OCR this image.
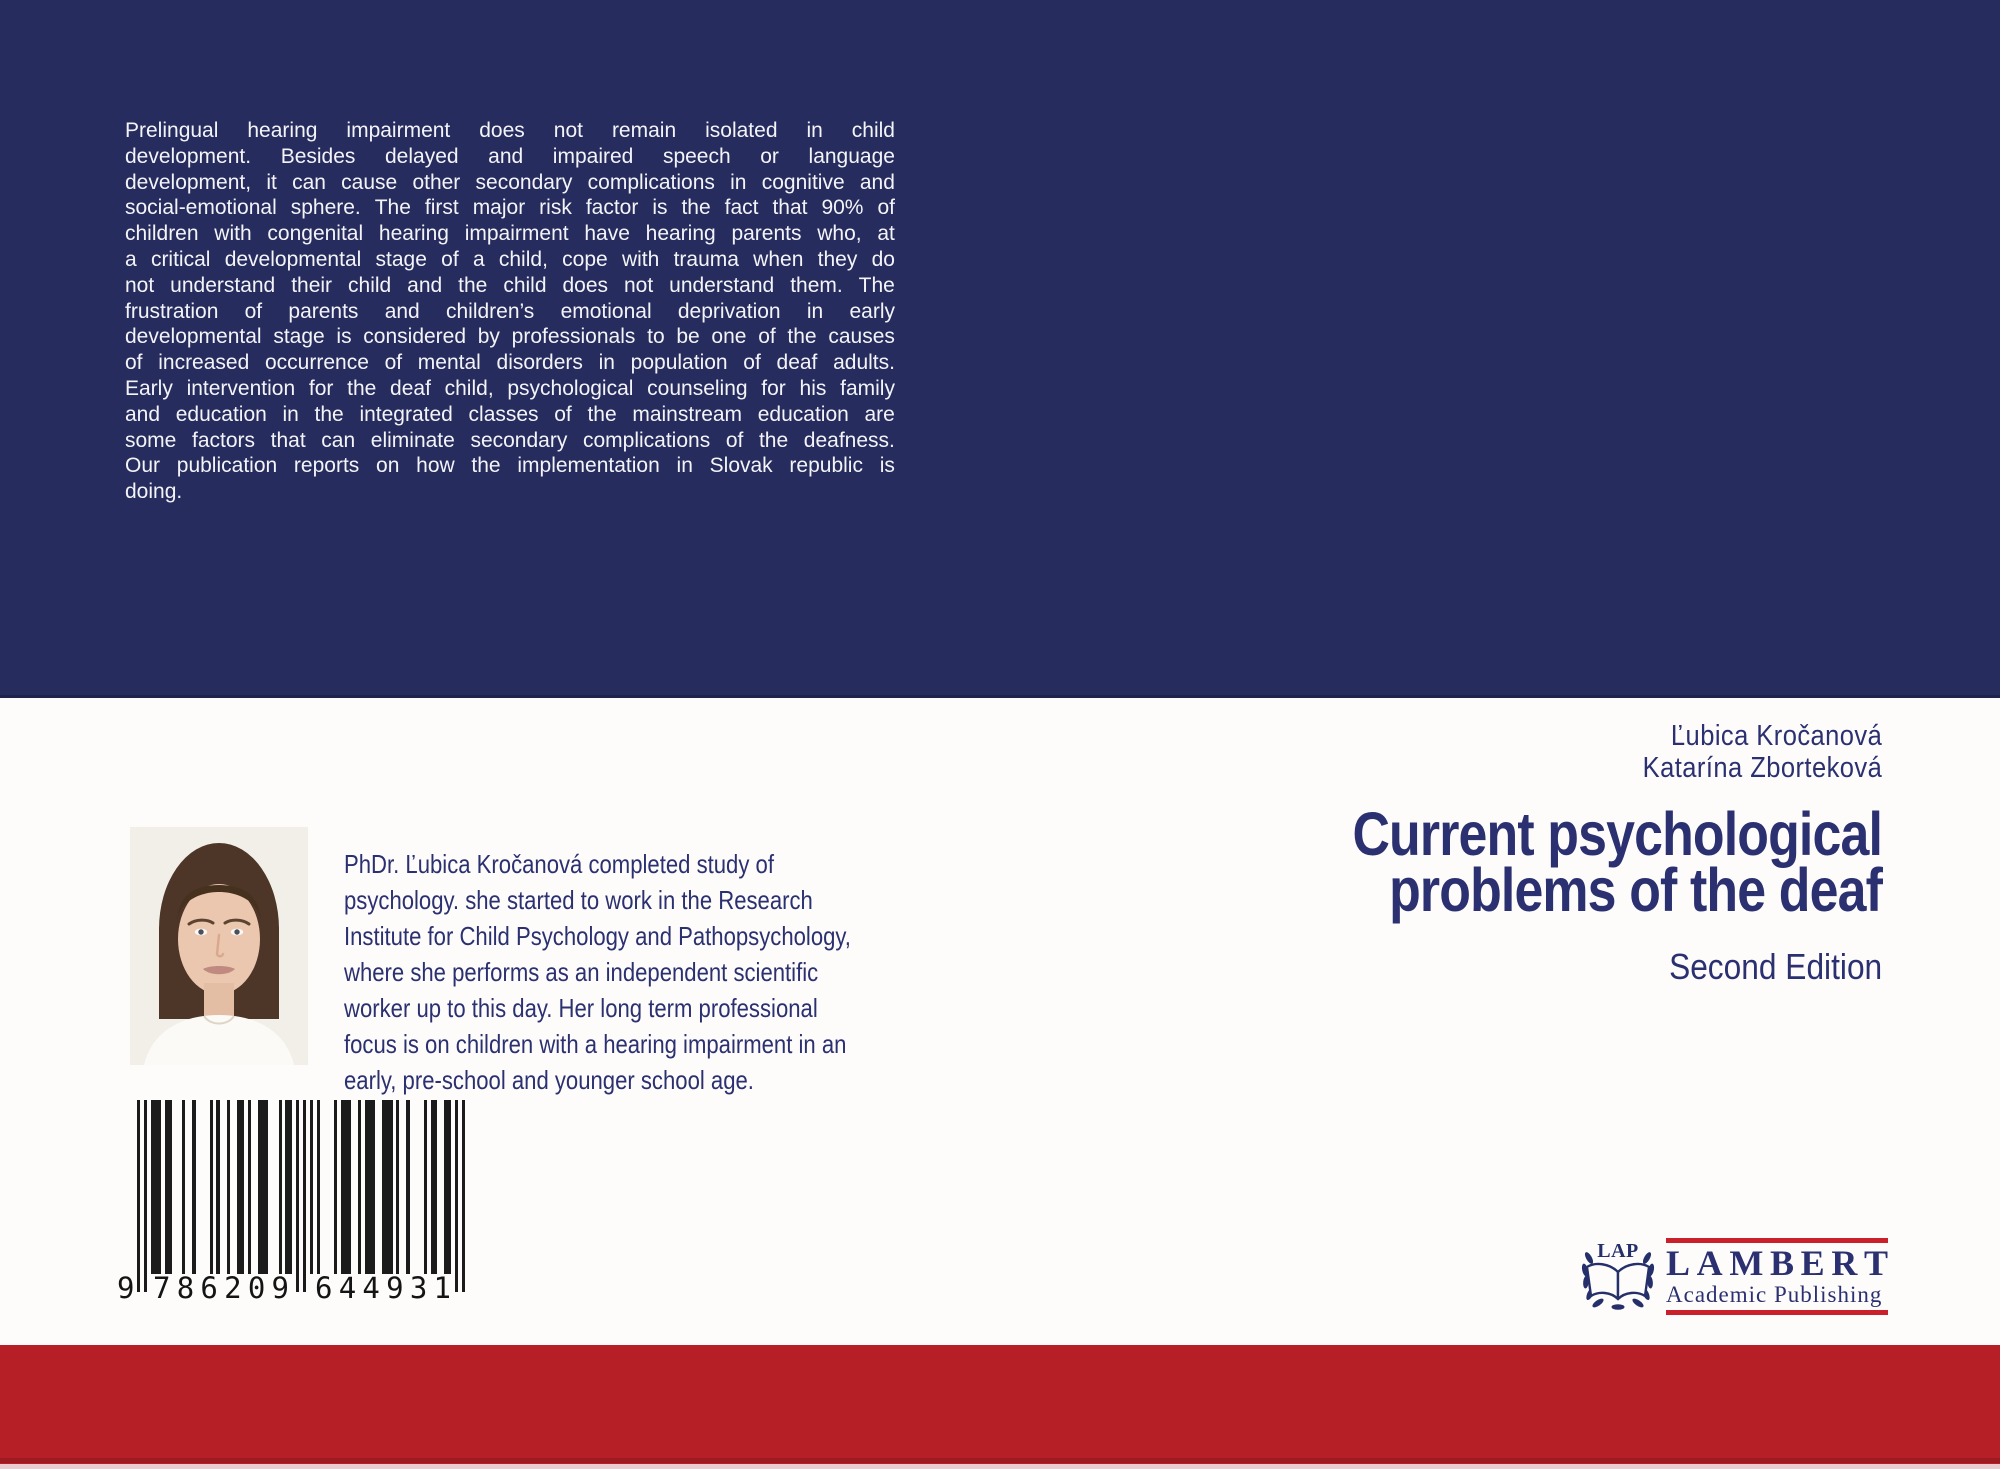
Prelingual hearing impairment does not remain isolated in child
development. Besides delayed and impaired speech or language
development, it can cause other secondary complications in cognitive and
social-emotional sphere. The first major risk factor is the fact that 90% of
children with congenital hearing impairment have hearing parents who, at
a critical developmental stage of a child, cope with trauma when they do
not understand their child and the child does not understand them. The
frustration of parents and children’s emotional deprivation in early
developmental stage is considered by professionals to be one of the causes
of increased occurrence of mental disorders in population of deaf adults.
Early intervention for the deaf child, psychological counseling for his family
and education in the integrated classes of the mainstream education are
some factors that can eliminate secondary complications of the deafness.
Our publication reports on how the implementation in Slovak republic is
doing.
Ľubica Kročanová
Katarína Zborteková
Current psychological
problems of the deaf
Second Edition
PhDr. Ľubica Kročanová completed study of
psychology. she started to work in the Research
Institute for Child Psychology and Pathopsychology,
where she performs as an independent scientific
worker up to this day. Her long term professional
focus is on children with a hearing impairment in an
early, pre-school and younger school age.
9 7 8 6 2 0 9 6 4 4 9 3 1
LAP L A M B E R T
Academic Publishing
